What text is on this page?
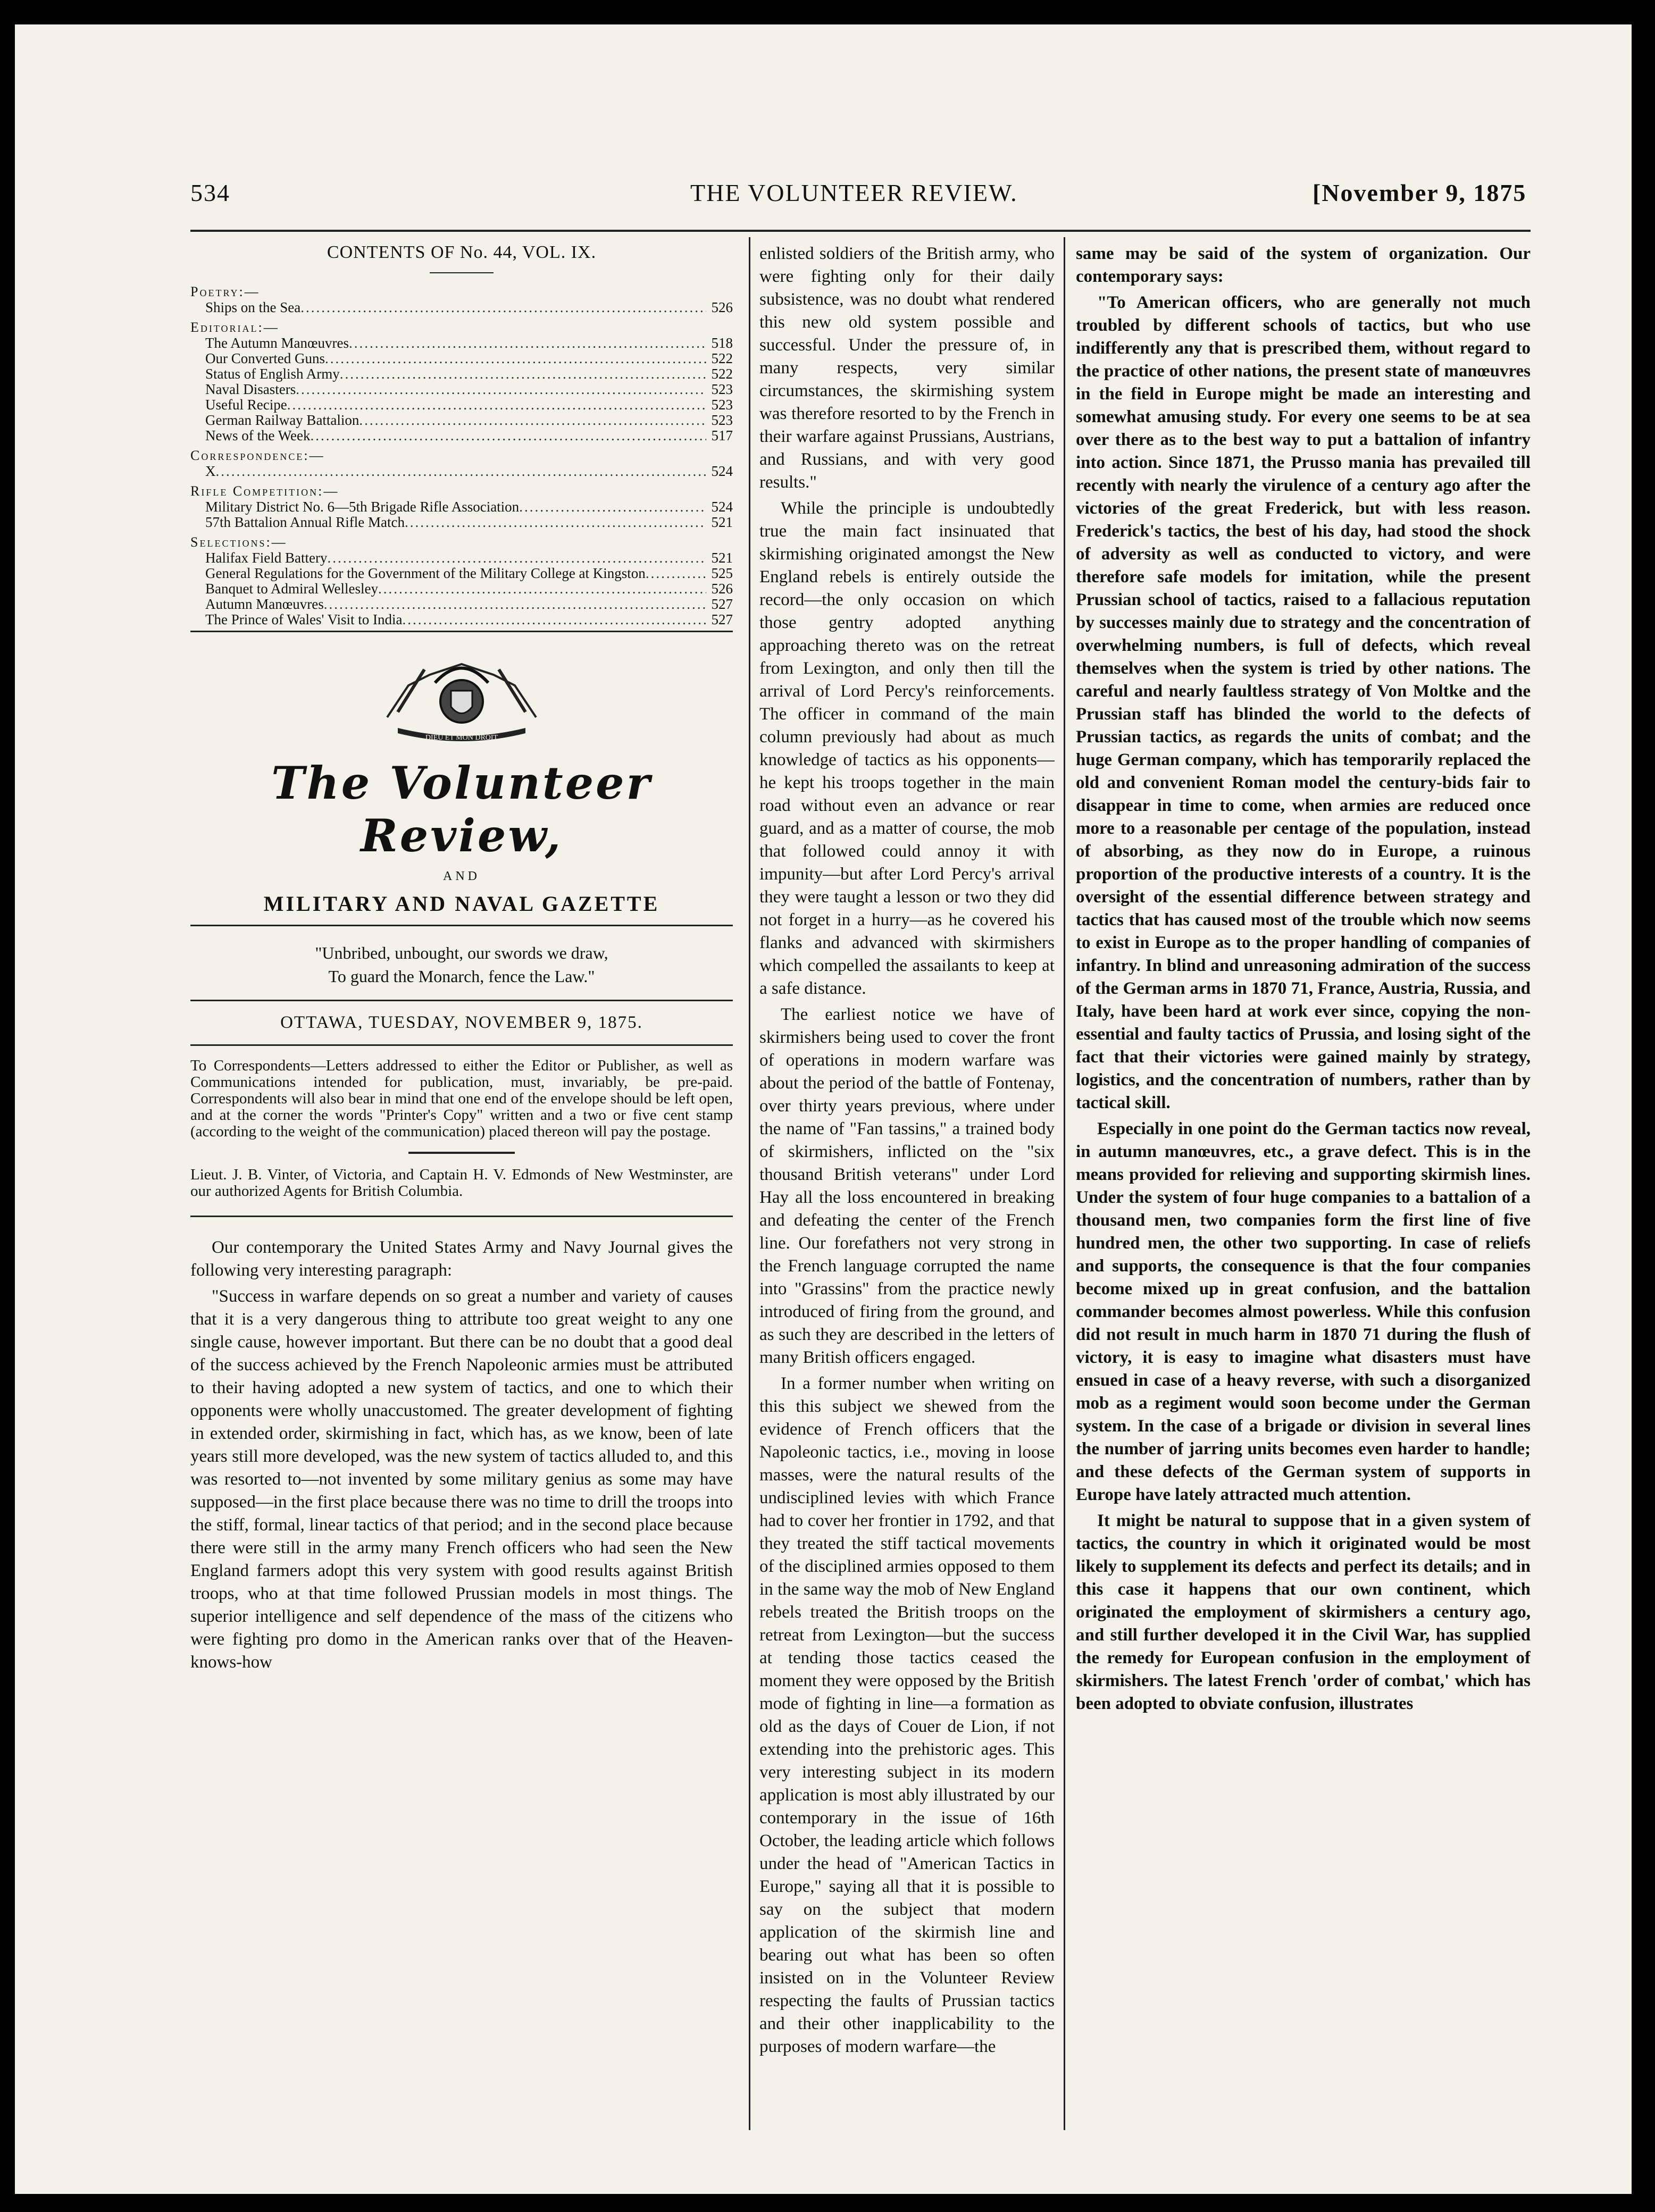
534	THE VOLUNTEER REVIEW.	[November 9, 1875
CONTENTS OF No. 44, VOL. IX.
Poetry:—
Ships on the Sea .....	526
Editorial:—
The Autumn Manœuvres .....	518
Our Converted Guns .....	522
Status of English Army .....	522
Naval Disasters .....	523
Useful Recipe .....	523
German Railway Battalion .....	523
News of the Week .....	517
Correspondence:—
X .....	524
Rifle Competition:—
Military District No. 6—5th Brigade Rifle Association .....	524
57th Battalion Annual Rifle Match .....	521
Selections:—
Halifax Field Battery .....	521
General Regulations for the Government of the Military College at Kingston .....	525
Banquet to Admiral Wellesley .....	526
Autumn Manœuvres .....	527
The Prince of Wales' Visit to India .....	527
DIEU ET MON DROIT
The Volunteer Review,
AND
MILITARY AND NAVAL GAZETTE
"Unbribed, unbought, our swords we draw,
To guard the Monarch, fence the Law."
OTTAWA, TUESDAY, NOVEMBER 9, 1875.
To Correspondents—Letters addressed to either the Editor or Publisher, as well as Communications intended for publication, must, invariably, be pre-paid. Correspondents will also bear in mind that one end of the envelope should be left open, and at the corner the words "Printer's Copy" written and a two or five cent stamp (according to the weight of the communication) placed thereon will pay the postage.
Lieut. J. B. Vinter, of Victoria, and Captain H. V. Edmonds of New Westminster, are our authorized Agents for British Columbia.

Our contemporary the United States Army and Navy Journal gives the following very interesting paragraph:

"Success in warfare depends on so great a number and variety of causes that it is a very dangerous thing to attribute too great weight to any one single cause, however important. But there can be no doubt that a good deal of the success achieved by the French Napoleonic armies must be attributed to their having adopted a new system of tactics, and one to which their opponents were wholly unaccustomed. The greater development of fighting in extended order, skirmishing in fact, which has, as we know, been of late years still more developed, was the new system of tactics alluded to, and this was resorted to—not invented by some military genius as some may have supposed—in the first place because there was no time to drill the troops into the stiff, formal, linear tactics of that period; and in the second place because there were still in the army many French officers who had seen the New England farmers adopt this very system with good results against British troops, who at that time followed Prussian models in most things. The superior intelligence and self dependence of the mass of the citizens who were fighting pro domo in the American ranks over that of the Heaven-knows-how

enlisted soldiers of the British army, who were fighting only for their daily subsistence, was no doubt what rendered this new old system possible and successful. Under the pressure of, in many respects, very similar circumstances, the skirmishing system was therefore resorted to by the French in their warfare against Prussians, Austrians, and Russians, and with very good results."

While the principle is undoubtedly true the main fact insinuated that skirmishing originated amongst the New England rebels is entirely outside the record—the only occasion on which those gentry adopted anything approaching thereto was on the retreat from Lexington, and only then till the arrival of Lord Percy's reinforcements. The officer in command of the main column previously had about as much knowledge of tactics as his opponents—he kept his troops together in the main road without even an advance or rear guard, and as a matter of course, the mob that followed could annoy it with impunity—but after Lord Percy's arrival they were taught a lesson or two they did not forget in a hurry—as he covered his flanks and advanced with skirmishers which compelled the assailants to keep at a safe distance.

The earliest notice we have of skirmishers being used to cover the front of operations in modern warfare was about the period of the battle of Fontenay, over thirty years previous, where under the name of "Fan tassins," a trained body of skirmishers, inflicted on the "six thousand British veterans" under Lord Hay all the loss encountered in breaking and defeating the center of the French line. Our forefathers not very strong in the French language corrupted the name into "Grassins" from the practice newly introduced of firing from the ground, and as such they are described in the letters of many British officers engaged.

In a former number when writing on this this subject we shewed from the evidence of French officers that the Napoleonic tactics, i.e., moving in loose masses, were the natural results of the undisciplined levies with which France had to cover her frontier in 1792, and that they treated the stiff tactical movements of the disciplined armies opposed to them in the same way the mob of New England rebels treated the British troops on the retreat from Lexington—but the success at tending those tactics ceased the moment they were opposed by the British mode of fighting in line—a formation as old as the days of Couer de Lion, if not extending into the prehistoric ages. This very interesting subject in its modern application is most ably illustrated by our contemporary in the issue of 16th October, the leading article which follows under the head of "American Tactics in Europe," saying all that it is possible to say on the subject that modern application of the skirmish line and bearing out what has been so often insisted on in the Volunteer Review respecting the faults of Prussian tactics and their other inapplicability to the purposes of modern warfare—the

same may be said of the system of organization. Our contemporary says:

"To American officers, who are generally not much troubled by different schools of tactics, but who use indifferently any that is prescribed them, without regard to the practice of other nations, the present state of manœuvres in the field in Europe might be made an interesting and somewhat amusing study. For every one seems to be at sea over there as to the best way to put a battalion of infantry into action. Since 1871, the Prusso mania has prevailed till recently with nearly the virulence of a century ago after the victories of the great Frederick, but with less reason. Frederick's tactics, the best of his day, had stood the shock of adversity as well as conducted to victory, and were therefore safe models for imitation, while the present Prussian school of tactics, raised to a fallacious reputation by successes mainly due to strategy and the concentration of overwhelming numbers, is full of defects, which reveal themselves when the system is tried by other nations. The careful and nearly faultless strategy of Von Moltke and the Prussian staff has blinded the world to the defects of Prussian tactics, as regards the units of combat; and the huge German company, which has temporarily replaced the old and convenient Roman model the century-bids fair to disappear in time to come, when armies are reduced once more to a reasonable per centage of the population, instead of absorbing, as they now do in Europe, a ruinous proportion of the productive interests of a country. It is the oversight of the essential difference between strategy and tactics that has caused most of the trouble which now seems to exist in Europe as to the proper handling of companies of infantry. In blind and unreasoning admiration of the success of the German arms in 1870 71, France, Austria, Russia, and Italy, have been hard at work ever since, copying the non-essential and faulty tactics of Prussia, and losing sight of the fact that their victories were gained mainly by strategy, logistics, and the concentration of numbers, rather than by tactical skill.

Especially in one point do the German tactics now reveal, in autumn manœuvres, etc., a grave defect. This is in the means provided for relieving and supporting skirmish lines. Under the system of four huge companies to a battalion of a thousand men, two companies form the first line of five hundred men, the other two supporting. In case of reliefs and supports, the consequence is that the four companies become mixed up in great confusion, and the battalion commander becomes almost powerless. While this confusion did not result in much harm in 1870 71 during the flush of victory, it is easy to imagine what disasters must have ensued in case of a heavy reverse, with such a disorganized mob as a regiment would soon become under the German system. In the case of a brigade or division in several lines the number of jarring units becomes even harder to handle; and these defects of the German system of supports in Europe have lately attracted much attention.

It might be natural to suppose that in a given system of tactics, the country in which it originated would be most likely to supplement its defects and perfect its details; and in this case it happens that our own continent, which originated the employment of skirmishers a century ago, and still further developed it in the Civil War, has supplied the remedy for European confusion in the employment of skirmishers. The latest French 'order of combat,' which has been adopted to obviate confusion, illustrates
